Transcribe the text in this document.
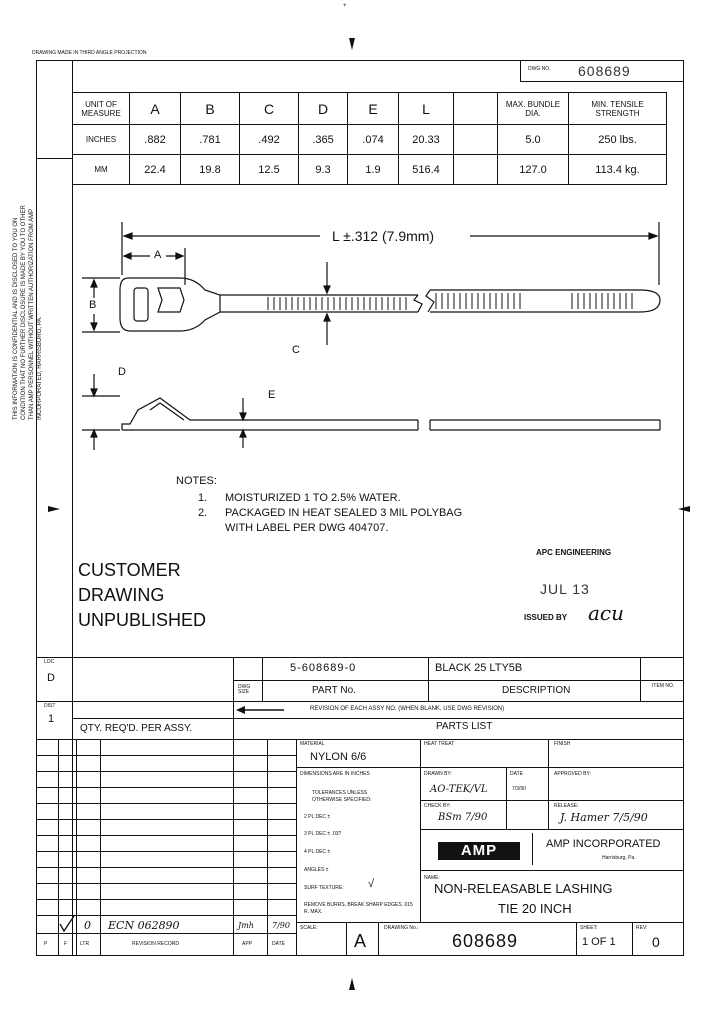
+
DRAWING MADE IN THIRD ANGLE PROJECTION
DWG NO. 608689
THIS INFORMATION IS CONFIDENTIAL AND IS DISCLOSED TO YOU ON CONDITION THAT NO FURTHER DISCLOSURE IS MADE BY YOU TO OTHER THAN AMP PERSONNEL WITHOUT WRITTEN AUTHORIZATION FROM AMP INCORPORATED, HARRISBURG, PA.
UNIT OF MEASURE	A	B	C	D	E	L		MAX. BUNDLE DIA.	MIN. TENSILE STRENGTH
INCHES	.882	.781	.492	.365	.074	20.33		5.0	250 lbs.
MM	22.4	19.8	12.5	9.3	1.9	516.4		127.0	113.4 kg.
L ±.312 (7.9mm)
A
B
C
D
E
NOTES:
1. MOISTURIZED 1 TO 2.5% WATER.
2. PACKAGED IN HEAT SEALED 3 MIL POLYBAG
WITH LABEL PER DWG 404707.
CUSTOMER
DRAWING
UNPUBLISHED
APC ENGINEERING
JUL 13
ISSUED BY acu
LOC
D
DIST
1
5-608689-0	BLACK 25 LTY5B
DWG SIZE	PART No.	DESCRIPTION	ITEM NO.
REVISION OF EACH ASSY NO. (WHEN BLANK, USE DWG REVISION)
QTY. REQ'D. PER ASSY.	PARTS LIST
0 ECN 062890	Jmh 7/90
P	F	LTR	REVISION RECORD	APP	DATE
MATERIAL
NYLON 6/6
HEAT TREAT	FINISH
DIMENSIONS ARE IN INCHES
TOLERANCES UNLESS OTHERWISE SPECIFIED:
2 PL DEC ±
3 PL DEC ± .03?
4 PL DEC ±
ANGLES ±
SURF TEXTURE: √
REMOVE BURRS, BREAK SHARP EDGES .015 R. MAX.
DRAWN BY:
AO-TEK/VL
DATE
7/3/90
APPROVED BY:
CHECK BY:
BSm 7/90
RELEASE:
J. Hamer 7/5/90
AMP	AMP INCORPORATED
Harrisburg, Pa.
NAME:
NON-RELEASABLE LASHING
TIE 20 INCH
SCALE:
A
DRAWING No.:
608689
SHEET:
1 OF 1
REV:
0
